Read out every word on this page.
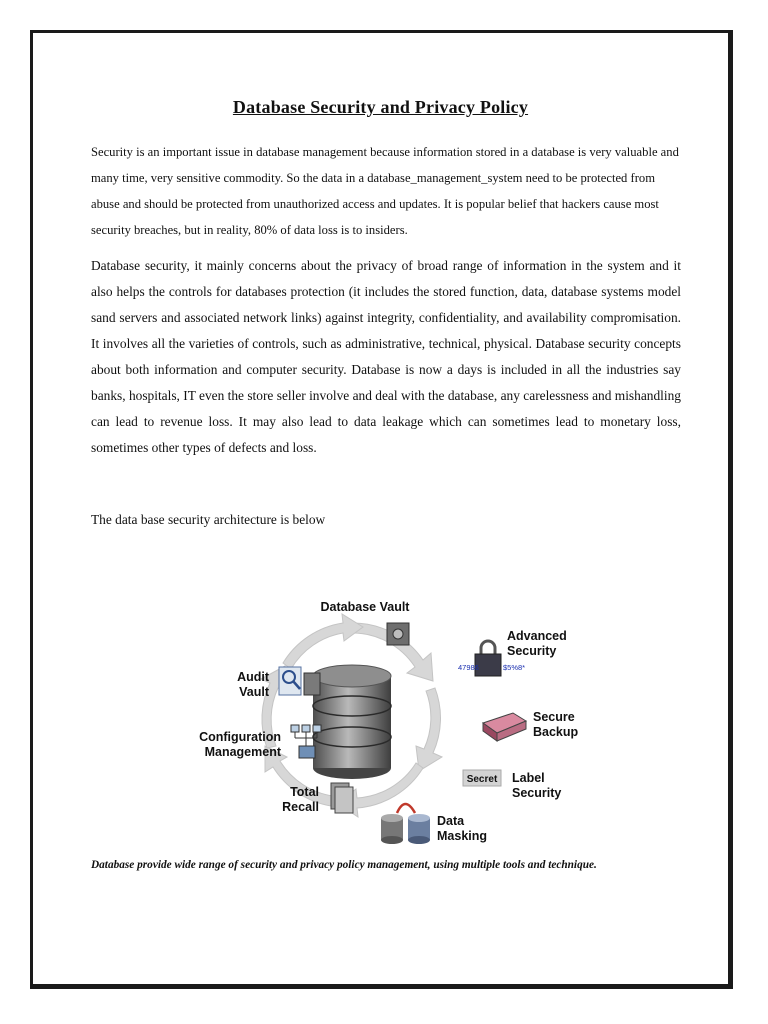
Database Security and Privacy Policy
Security is an important issue in database management because information stored in a database is very valuable and many time, very sensitive commodity. So the data in a database_management_system need to be protected from abuse and should be protected from unauthorized access and updates. It is popular belief that hackers cause most security breaches, but in reality, 80% of data loss is to insiders.
Database security, it mainly concerns about the privacy of broad range of information in the system and it also helps the controls for databases protection (it includes the stored function, data, database systems model sand servers and associated network links) against integrity, confidentiality, and availability compromisation. It involves all the varieties of controls, such as administrative, technical, physical. Database security concepts about both information and computer security. Database is now a days is included in all the industries say banks, hospitals, IT even the store seller involve and deal with the database, any carelessness and mishandling can lead to revenue loss. It may also lead to data leakage which can sometimes lead to monetary loss, sometimes other types of defects and loss.
The data base security architecture is below
Database Vault
Advanced
Security
47986	$5%8*
Secure
Backup
Secret Label
Security
Data
Masking
Total
Recall
Configuration
Management
Audit
Vault
Database provide wide range of security and privacy policy management, using multiple tools and technique.
